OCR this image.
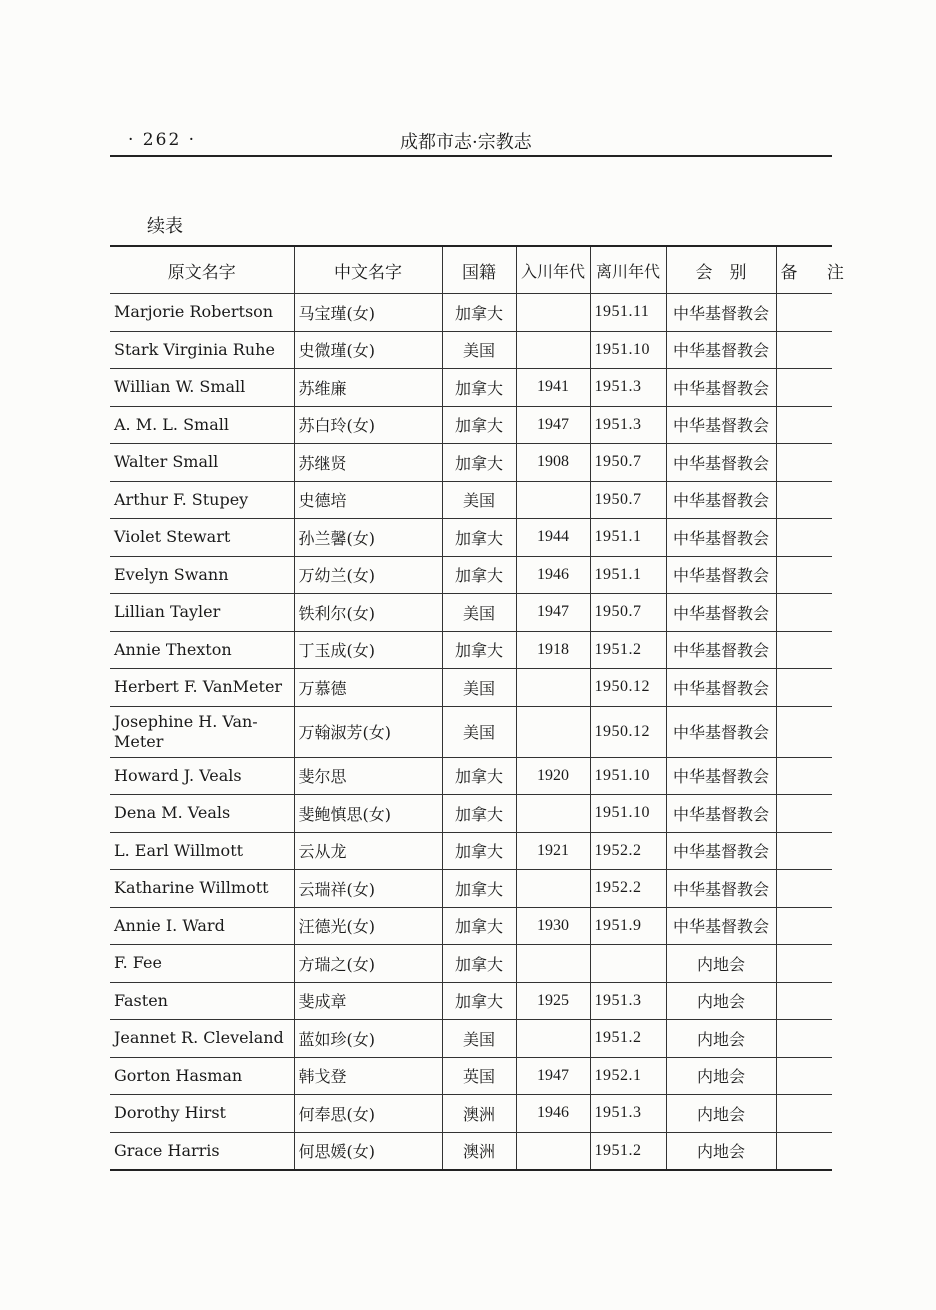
· 262 ·	成都市志·宗教志
续表
原文名字	中文名字	国籍	入川年代	离川年代	会　别	备 注
Marjorie Robertson	马宝瑾(女)	加拿大		1951.11	中华基督教会	
Stark Virginia Ruhe	史微瑾(女)	美国		1951.10	中华基督教会	
Willian W. Small	苏维廉	加拿大	1941	1951.3	中华基督教会	
A. M. L. Small	苏白玲(女)	加拿大	1947	1951.3	中华基督教会	
Walter Small	苏继贤	加拿大	1908	1950.7	中华基督教会	
Arthur F. Stupey	史德培	美国		1950.7	中华基督教会	
Violet Stewart	孙兰馨(女)	加拿大	1944	1951.1	中华基督教会	
Evelyn Swann	万幼兰(女)	加拿大	1946	1951.1	中华基督教会	
Lillian Tayler	铁利尔(女)	美国	1947	1950.7	中华基督教会	
Annie Thexton	丁玉成(女)	加拿大	1918	1951.2	中华基督教会	
Herbert F. VanMeter	万慕德	美国		1950.12	中华基督教会	
Josephine H. Van-Meter	万翰淑芳(女)	美国		1950.12	中华基督教会	
Howard J. Veals	斐尔思	加拿大	1920	1951.10	中华基督教会	
Dena M. Veals	斐鲍慎思(女)	加拿大		1951.10	中华基督教会	
L. Earl Willmott	云从龙	加拿大	1921	1952.2	中华基督教会	
Katharine Willmott	云瑞祥(女)	加拿大		1952.2	中华基督教会	
Annie I. Ward	汪德光(女)	加拿大	1930	1951.9	中华基督教会	
F. Fee	方瑞之(女)	加拿大			内地会	
Fasten	斐成章	加拿大	1925	1951.3	内地会	
Jeannet R. Cleveland	蓝如珍(女)	美国		1951.2	内地会	
Gorton Hasman	韩戈登	英国	1947	1952.1	内地会	
Dorothy Hirst	何奉思(女)	澳洲	1946	1951.3	内地会	
Grace Harris	何思媛(女)	澳洲		1951.2	内地会	
